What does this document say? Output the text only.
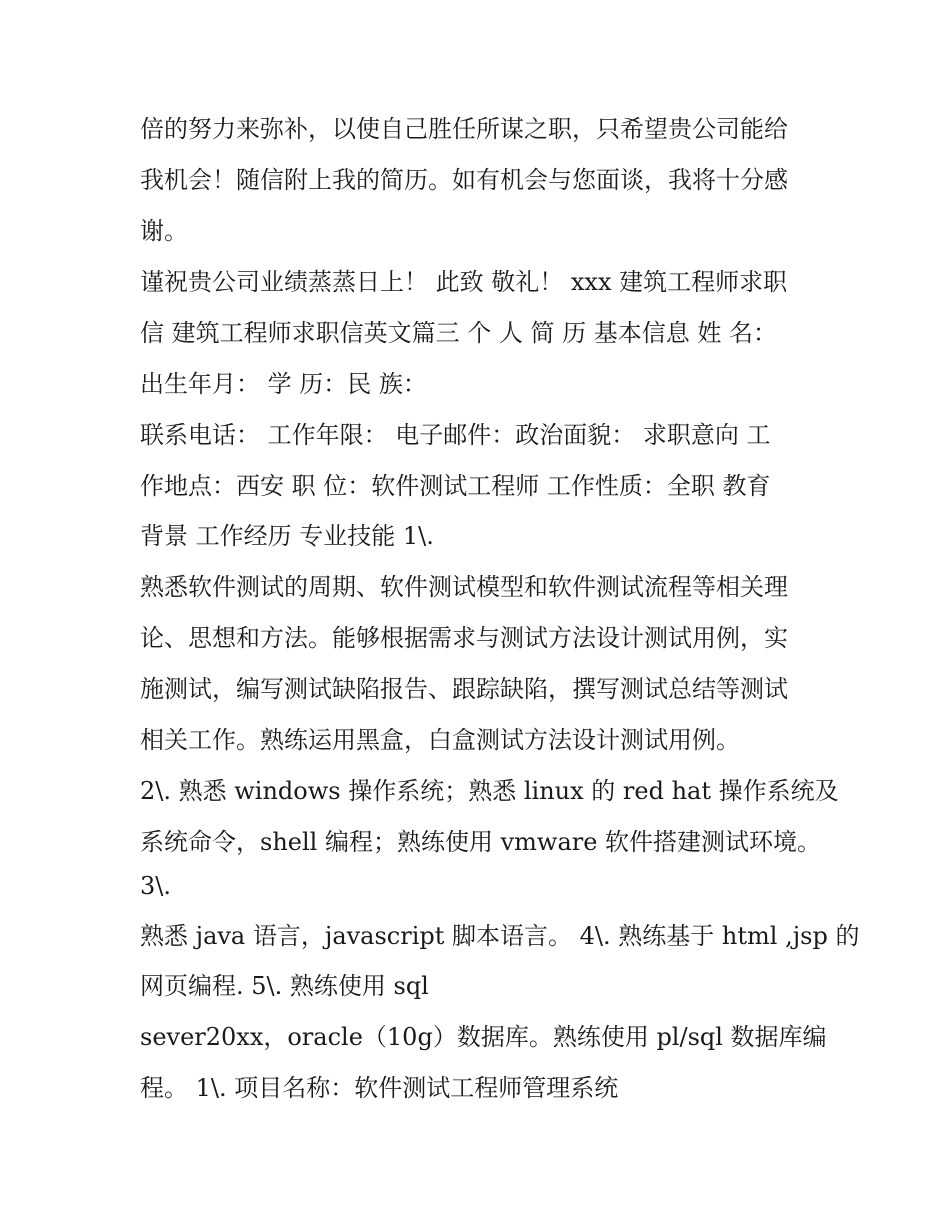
倍的努力来弥补，以使自己胜任所谋之职，只希望贵公司能给
我机会！随信附上我的简历。如有机会与您面谈，我将十分感
谢。
谨祝贵公司业绩蒸蒸日上！ 此致 敬礼！ xxx 建筑工程师求职
信 建筑工程师求职信英文篇三 个 人 简 历 基本信息 姓 名：
出生年月： 学 历：民 族：
联系电话： 工作年限： 电子邮件：政治面貌： 求职意向 工
作地点：西安 职 位：软件测试工程师 工作性质：全职 教育
背景 工作经历 专业技能 1\.
熟悉软件测试的周期、软件测试模型和软件测试流程等相关理
论、思想和方法。能够根据需求与测试方法设计测试用例，实
施测试，编写测试缺陷报告、跟踪缺陷，撰写测试总结等测试
相关工作。熟练运用黑盒，白盒测试方法设计测试用例。
2\. 熟悉 windows 操作系统；熟悉 linux 的 red hat 操作系统及
系统命令，shell 编程；熟练使用 vmware 软件搭建测试环境。
3\.
熟悉 java 语言，javascript 脚本语言。 4\. 熟练基于 html ,jsp 的
网页编程. 5\. 熟练使用 sql
sever20xx，oracle（10g）数据库。熟练使用 pl/sql 数据库编
程。 1\. 项目名称：软件测试工程师管理系统
